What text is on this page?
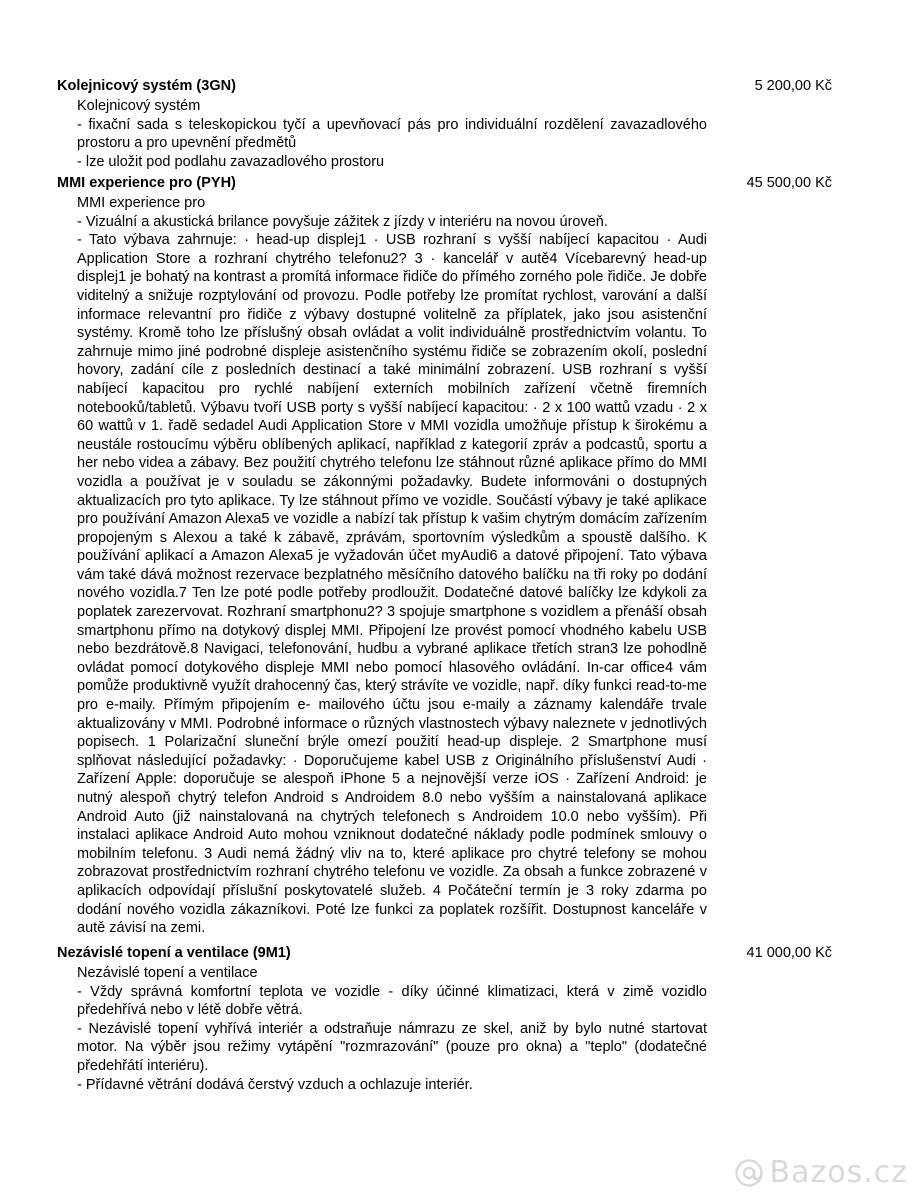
Kolejnicový systém (3GN)	5 200,00 Kč

Kolejnicový systém

- fixační sada s teleskopickou tyčí a upevňovací pás pro individuální rozdělení zavazadlového prostoru a pro upevnění předmětů

- lze uložit pod podlahu zavazadlového prostoru

MMI experience pro (PYH)	45 500,00 Kč

MMI experience pro

- Vizuální a akustická brilance povyšuje zážitek z jízdy v interiéru na novou úroveň.

- Tato výbava zahrnuje: · head-up displej1 · USB rozhraní s vyšší nabíjecí kapacitou · Audi Application Store a rozhraní chytrého telefonu2? 3 · kancelář v autě4 Vícebarevný head-up displej1 je bohatý na kontrast a promítá informace řidiče do přímého zorného pole řidiče. Je dobře viditelný a snižuje rozptylování od provozu. Podle potřeby lze promítat rychlost, varování a další informace relevantní pro řidiče z výbavy dostupné volitelně za příplatek, jako jsou asistenční systémy. Kromě toho lze příslušný obsah ovládat a volit individuálně prostřednictvím volantu. To zahrnuje mimo jiné podrobné displeje asistenčního systému řidiče se zobrazením okolí, poslední hovory, zadání cíle z posledních destinací a také minimální zobrazení. USB rozhraní s vyšší nabíjecí kapacitou pro rychlé nabíjení externích mobilních zařízení včetně firemních notebooků/tabletů. Výbavu tvoří USB porty s vyšší nabíjecí kapacitou: · 2 x 100 wattů vzadu · 2 x 60 wattů v 1. řadě sedadel Audi Application Store v MMI vozidla umožňuje přístup k širokému a neustále rostoucímu výběru oblíbených aplikací, například z kategorií zpráv a podcastů, sportu a her nebo videa a zábavy. Bez použití chytrého telefonu lze stáhnout různé aplikace přímo do MMI vozidla a používat je v souladu se zákonnými požadavky. Budete informováni o dostupných aktualizacích pro tyto aplikace. Ty lze stáhnout přímo ve vozidle. Součástí výbavy je také aplikace pro používání Amazon Alexa5 ve vozidle a nabízí tak přístup k vašim chytrým domácím zařízením propojeným s Alexou a také k zábavě, zprávám, sportovním výsledkům a spoustě dalšího. K používání aplikací a Amazon Alexa5 je vyžadován účet myAudi6 a datové připojení. Tato výbava vám také dává možnost rezervace bezplatného měsíčního datového balíčku na tři roky po dodání nového vozidla.7 Ten lze poté podle potřeby prodloužit. Dodatečné datové balíčky lze kdykoli za poplatek zarezervovat. Rozhraní smartphonu2? 3 spojuje smartphone s vozidlem a přenáší obsah smartphonu přímo na dotykový displej MMI. Připojení lze provést pomocí vhodného kabelu USB nebo bezdrátově.8 Navigaci, telefonování, hudbu a vybrané aplikace třetích stran3 lze pohodlně ovládat pomocí dotykového displeje MMI nebo pomocí hlasového ovládání. In-car office4 vám pomůže produktivně využít drahocenný čas, který strávíte ve vozidle, např. díky funkci read-to-me pro e-maily. Přímým připojením e- mailového účtu jsou e-maily a záznamy kalendáře trvale aktualizovány v MMI. Podrobné informace o různých vlastnostech výbavy naleznete v jednotlivých popisech. 1 Polarizační sluneční brýle omezí použití head-up displeje. 2 Smartphone musí splňovat následující požadavky: · Doporučujeme kabel USB z Originálního příslušenství Audi · Zařízení Apple: doporučuje se alespoň iPhone 5 a nejnovější verze iOS · Zařízení Android: je nutný alespoň chytrý telefon Android s Androidem 8.0 nebo vyšším a nainstalovaná aplikace Android Auto (již nainstalovaná na chytrých telefonech s Androidem 10.0 nebo vyšším). Při instalaci aplikace Android Auto mohou vzniknout dodatečné náklady podle podmínek smlouvy o mobilním telefonu. 3 Audi nemá žádný vliv na to, které aplikace pro chytré telefony se mohou zobrazovat prostřednictvím rozhraní chytrého telefonu ve vozidle. Za obsah a funkce zobrazené v aplikacích odpovídají příslušní poskytovatelé služeb. 4 Počáteční termín je 3 roky zdarma po dodání nového vozidla zákazníkovi. Poté lze funkci za poplatek rozšířit. Dostupnost kanceláře v autě závisí na zemi.

Nezávislé topení a ventilace (9M1)	41 000,00 Kč

Nezávislé topení a ventilace

- Vždy správná komfortní teplota ve vozidle - díky účinné klimatizaci, která v zimě vozidlo předehřívá nebo v létě dobře větrá.

- Nezávislé topení vyhřívá interiér a odstraňuje námrazu ze skel, aniž by bylo nutné startovat motor. Na výběr jsou režimy vytápění "rozmrazování" (pouze pro okna) a "teplo" (dodatečné předehřátí interiéru).

- Přídavné větrání dodává čerstvý vzduch a ochlazuje interiér.

Bazos.cz
